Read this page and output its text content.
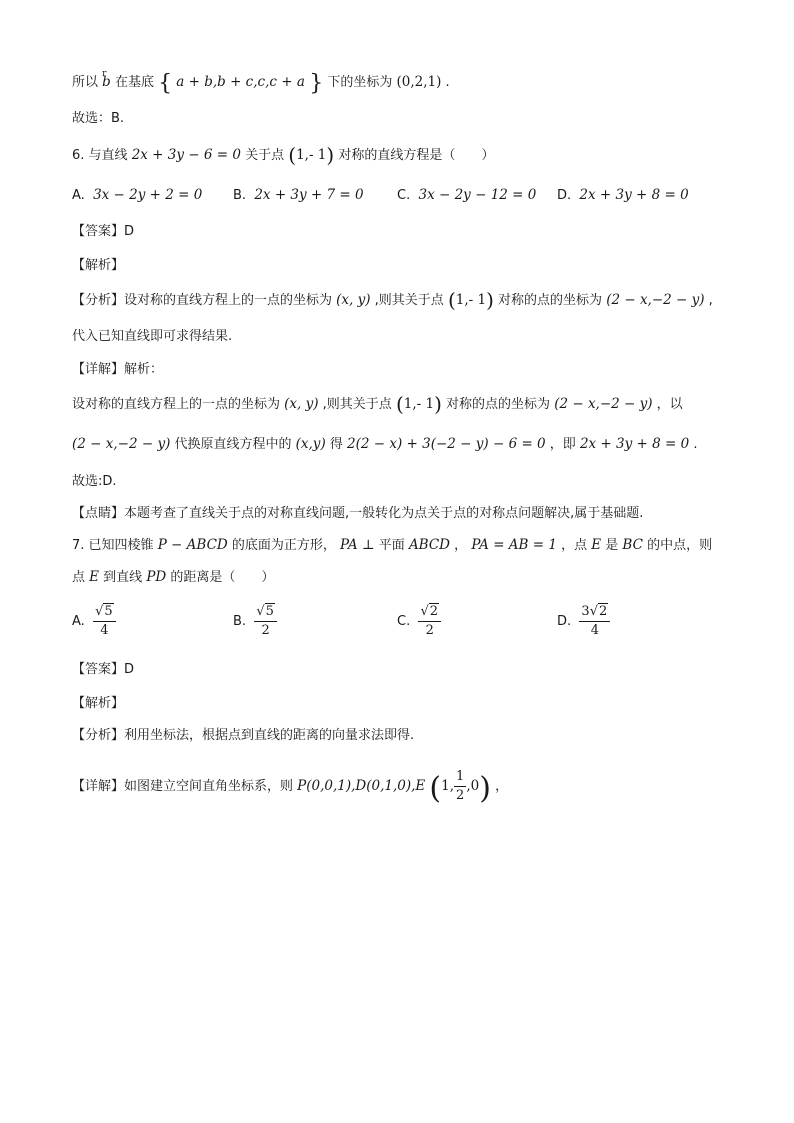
所以 r b 在基底 { a + b,b + c,c,c + a } 下的坐标为 (0,2,1) .
故选：B.
6. 与直线 2x + 3y − 6 = 0 关于点 (1,- 1) 对称的直线方程是（　　）
A. 3x − 2y + 2 = 0 B. 2x + 3y + 7 = 0	C. 3x − 2y − 12 = 0 D. 2x + 3y + 8 = 0
【答案】D
【解析】
【分析】设对称的直线方程上的一点的坐标为 (x, y) ,则其关于点 (1,- 1) 对称的点的坐标为 (2 − x,−2 − y) ,
代入已知直线即可求得结果.
【详解】解析：
设对称的直线方程上的一点的坐标为 (x, y) ,则其关于点 (1,- 1) 对称的点的坐标为 (2 − x,−2 − y) ，以
(2 − x,−2 − y) 代换原直线方程中的 (x,y) 得 2(2 − x) + 3(−2 − y) − 6 = 0 ，即 2x + 3y + 8 = 0 .
故选:D.
【点睛】本题考查了直线关于点的对称直线问题,一般转化为点关于点的对称点问题解决,属于基础题.
7. 已知四棱锥 P − ABCD 的底面为正方形， PA ⊥ 平面 ABCD ， PA = AB = 1 ，点 E 是 BC 的中点，则
点 E 到直线 PD 的距离是（　　）
A. $\frac{√5}{4}$	B. $\frac{√5}{2}$	C. $\frac{√2}{2}$	D. $\frac{3√2}{4}$
【答案】D
【解析】
【分析】利用坐标法，根据点到直线的距离的向量求法即得.
【详解】如图建立空间直角坐标系，则 P(0,0,1),D(0,1,0),E (1, $\frac{1}{2} ,0$) ，
